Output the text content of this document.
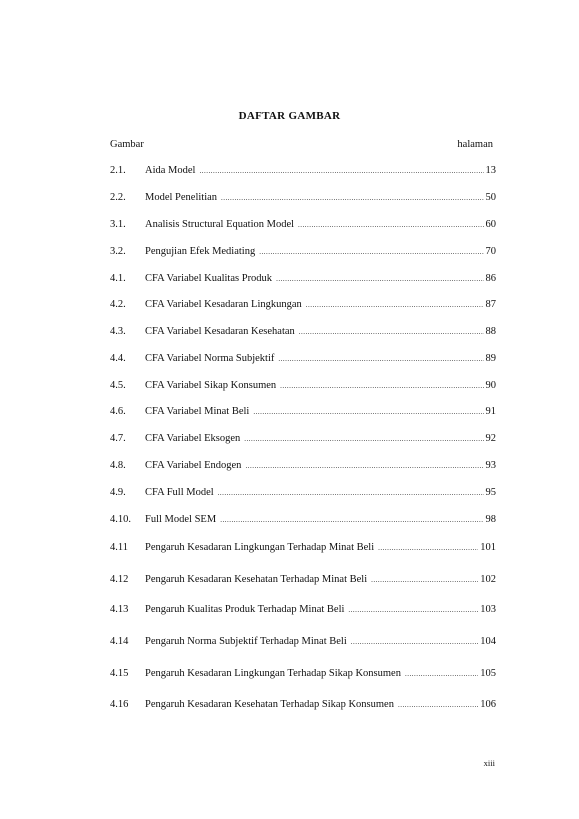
DAFTAR GAMBAR
Gambar	halaman
2.1.	Aida Model .....	13
2.2.	Model Penelitian .....	50
3.1.	Analisis Structural Equation Model .....	60
3.2.	Pengujian Efek Mediating .....	70
4.1.	CFA Variabel Kualitas Produk .....	86
4.2.	CFA Variabel Kesadaran Lingkungan .....	87
4.3.	CFA Variabel Kesadaran Kesehatan .....	88
4.4.	CFA Variabel Norma Subjektif .....	89
4.5.	CFA Variabel Sikap Konsumen .....	90
4.6.	CFA Variabel Minat Beli .....	91
4.7.	CFA Variabel Eksogen .....	92
4.8.	CFA Variabel Endogen .....	93
4.9.	CFA Full Model .....	95
4.10.	Full Model SEM .....	98
4.11	Pengaruh Kesadaran Lingkungan Terhadap Minat Beli .....	101
4.12	Pengaruh Kesadaran Kesehatan Terhadap Minat Beli .....	102
4.13	Pengaruh Kualitas Produk Terhadap Minat Beli .....	103
4.14	Pengaruh Norma Subjektif Terhadap Minat Beli .....	104
4.15	Pengaruh Kesadaran Lingkungan Terhadap Sikap Konsumen .....	105
4.16	Pengaruh Kesadaran Kesehatan Terhadap Sikap Konsumen .....	106
xiii
